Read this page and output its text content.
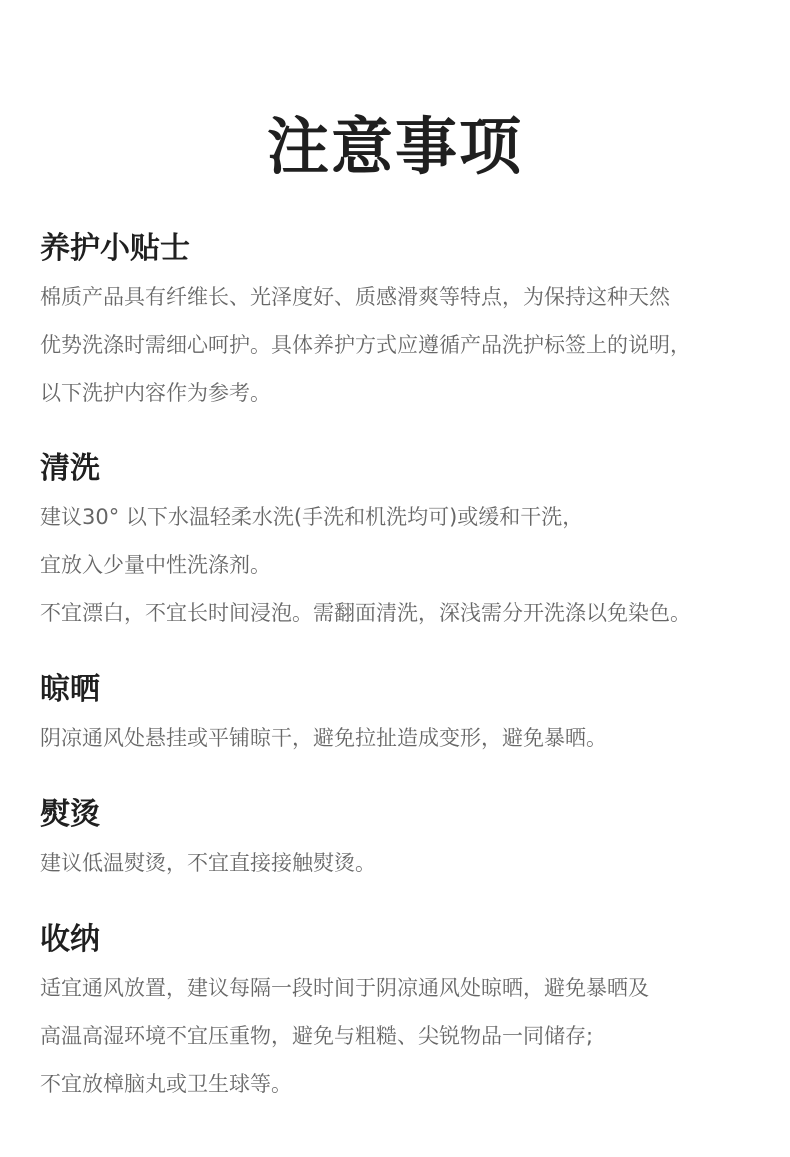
注意事项
养护小贴士
棉质产品具有纤维长、光泽度好、质感滑爽等特点，为保持这种天然
优势洗涤时需细心呵护。具体养护方式应遵循产品洗护标签上的说明，
以下洗护内容作为参考。
清洗
建议30° 以下水温轻柔水洗(手洗和机洗均可)或缓和干洗，
宜放入少量中性洗涤剂。
不宜漂白，不宜长时间浸泡。需翻面清洗，深浅需分开洗涤以免染色。
晾晒
阴凉通风处悬挂或平铺晾干，避免拉扯造成变形，避免暴晒。
熨烫
建议低温熨烫，不宜直接接触熨烫。
收纳
适宜通风放置，建议每隔一段时间于阴凉通风处晾晒，避免暴晒及
高温高湿环境不宜压重物，避免与粗糙、尖锐物品一同储存;
不宜放樟脑丸或卫生球等。
